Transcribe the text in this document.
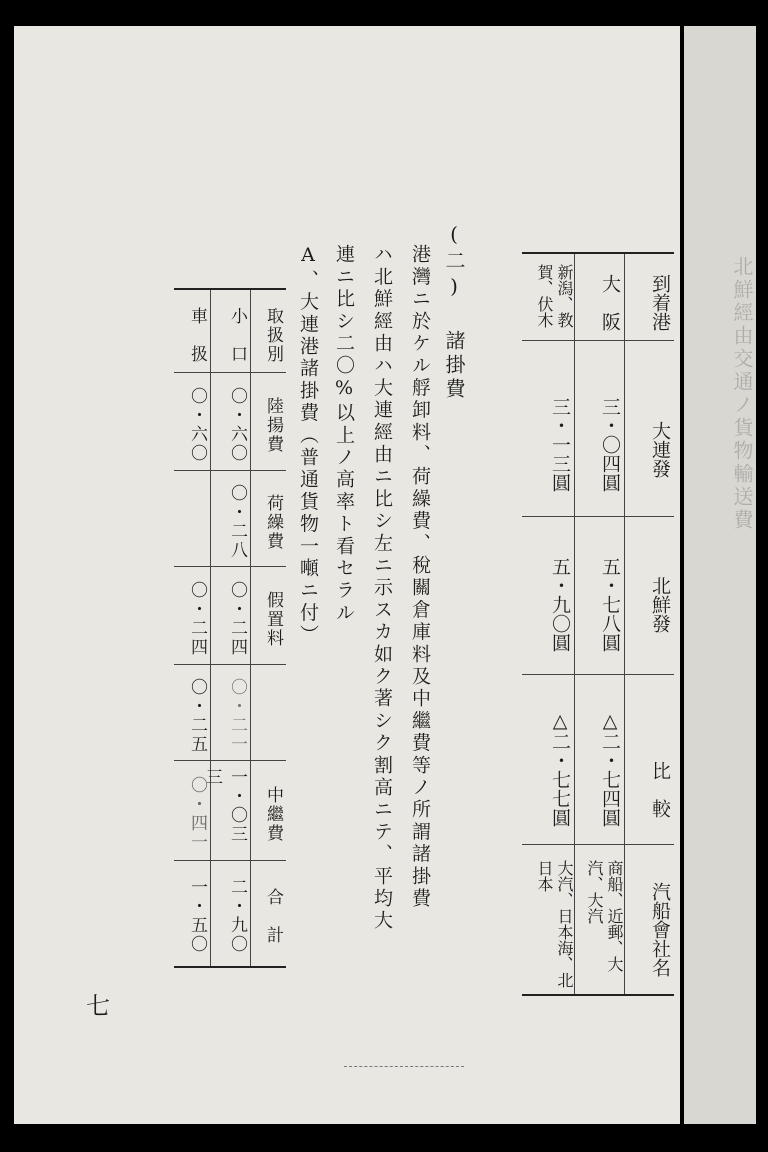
到着港
大連發
北鮮發
比　較
汽船會社名
大　阪
三・〇四圓
五・七八圓
△二・七四圓
商船、近郵、大汽、大汽
新潟、教賀、伏木
三・一三圓
五・九〇圓
△二・七七圓
大汽、日本海、北日本
(二) 諸掛費
港灣ニ於ケル艀卸料、荷繰費、稅關倉庫料及中繼費等ノ所謂諸掛費
ハ北鮮經由ハ大連經由ニ比シ左ニ示スカ如ク著シク割高ニテ、平均大
連ニ比シ二〇%以上ノ高率ト看セラル
A、大連港諸掛費（普通貨物一噸ニ付）
取扱別
陸揚費
荷繰費
假置料
中繼費
合　計
小　口
〇・六〇
〇・二八
〇・二四
〇・二一
一・〇三三
二・九〇
車　扱
〇・六〇
〇・二四
〇・二五
〇・四一
一・五〇
七
北鮮經由交通ノ貨物輸送費
